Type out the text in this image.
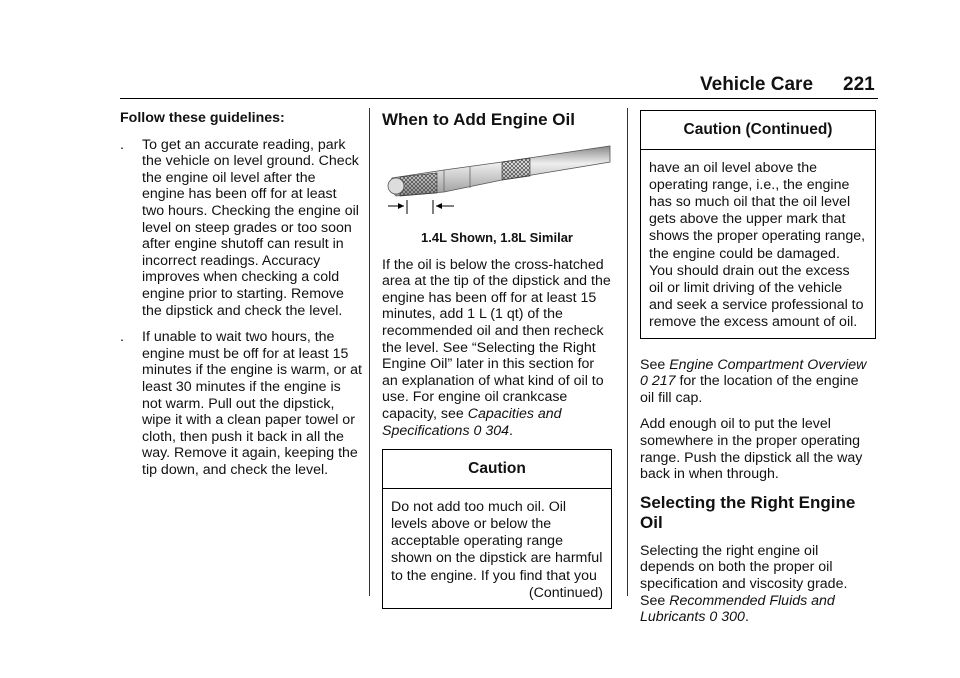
Vehicle Care 221

Follow these guidelines:

. To get an accurate reading, park the vehicle on level ground. Check the engine oil level after the engine has been off for at least two hours. Checking the engine oil level on steep grades or too soon after engine shutoff can result in incorrect readings. Accuracy improves when checking a cold engine prior to starting. Remove the dipstick and check the level.
. If unable to wait two hours, the engine must be off for at least 15 minutes if the engine is warm, or at least 30 minutes if the engine is not warm. Pull out the dipstick, wipe it with a clean paper towel or cloth, then push it back in all the way. Remove it again, keeping the tip down, and check the level.
When to Add Engine Oil

1.4L Shown, 1.8L Similar

If the oil is below the cross-hatched area at the tip of the dipstick and the engine has been off for at least 15 minutes, add 1 L (1 qt) of the recommended oil and then recheck the level. See “Selecting the Right Engine Oil” later in this section for an explanation of what kind of oil to use. For engine oil crankcase capacity, see Capacities and Specifications 0 304.

Caution
Do not add too much oil. Oil levels above or below the acceptable operating range shown on the dipstick are harmful to the engine. If you find that you
(Continued)
Caution (Continued)
have an oil level above the operating range, i.e., the engine has so much oil that the oil level gets above the upper mark that shows the proper operating range, the engine could be damaged. You should drain out the excess oil or limit driving of the vehicle and seek a service professional to remove the excess amount of oil.

See Engine Compartment Overview 0 217 for the location of the engine oil fill cap.

Add enough oil to put the level somewhere in the proper operating range. Push the dipstick all the way back in when through.

Selecting the Right Engine Oil

Selecting the right engine oil depends on both the proper oil specification and viscosity grade. See Recommended Fluids and Lubricants 0 300.
